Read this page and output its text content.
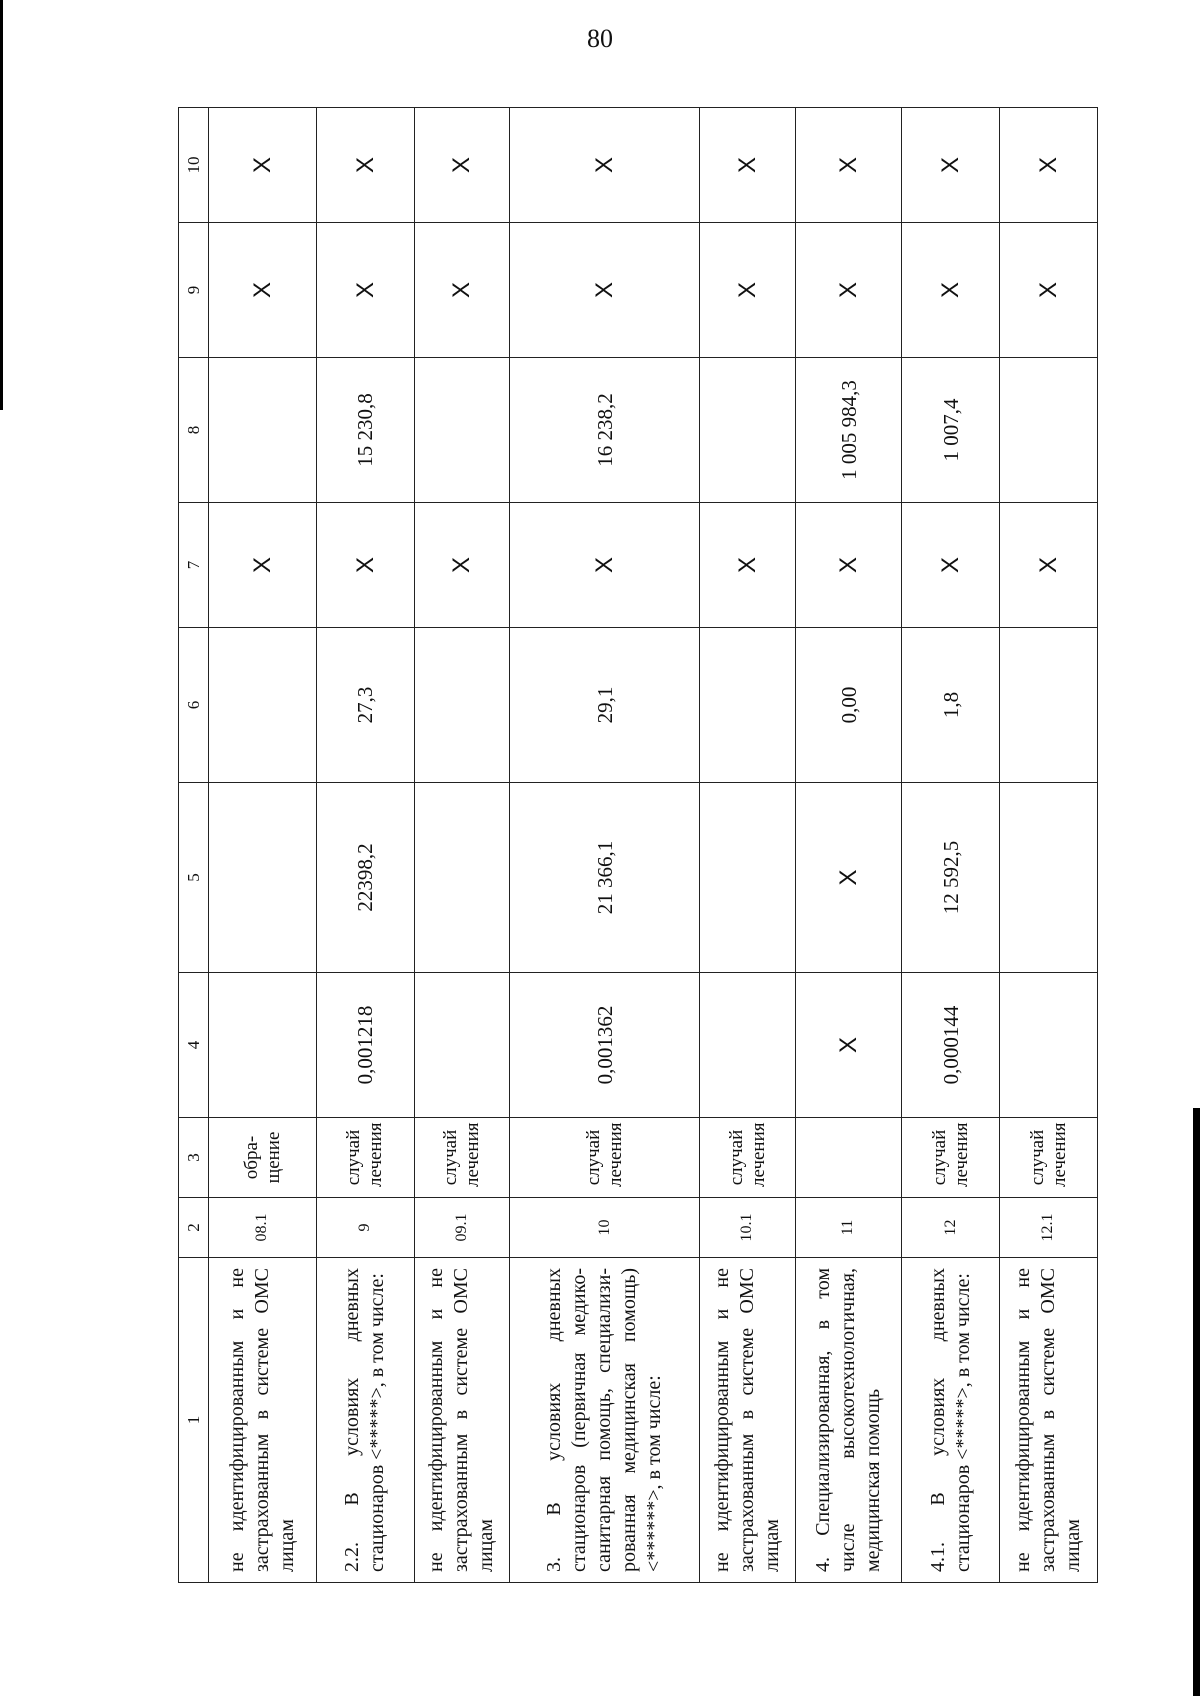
80
1	2	3	4	5	6	7	8	9	10
не идентифицированным и не застрахованным в системе ОМС лицам	08.1	обра-щение				X		X	X
2.2. В условиях дневных стационаров <*****>, в том числе:	9	случай лечения	0,001218	22398,2	27,3	X	15 230,8	X	X
не идентифицированным и не застрахованным в системе ОМС лицам	09.1	случай лечения				X		X	X
3. В условиях дневных стационаров (первичная медико-санитарная помощь, специализи-рованная медицинская помощь) <******>, в том числе:	10	случай лечения	0,001362	21 366,1	29,1	X	16 238,2	X	X
не идентифицированным и не застрахованным в системе ОМС лицам	10.1	случай лечения				X		X	X
4. Специализированная, в том числе высокотехнологичная, медицинская помощь	11		X	X	0,00	X	1 005 984,3	X	X
4.1. В условиях дневных стационаров <*****>, в том числе:	12	случай лечения	0,000144	12 592,5	1,8	X	1 007,4	X	X
не идентифицированным и не застрахованным в системе ОМС лицам	12.1	случай лечения				X		X	X
